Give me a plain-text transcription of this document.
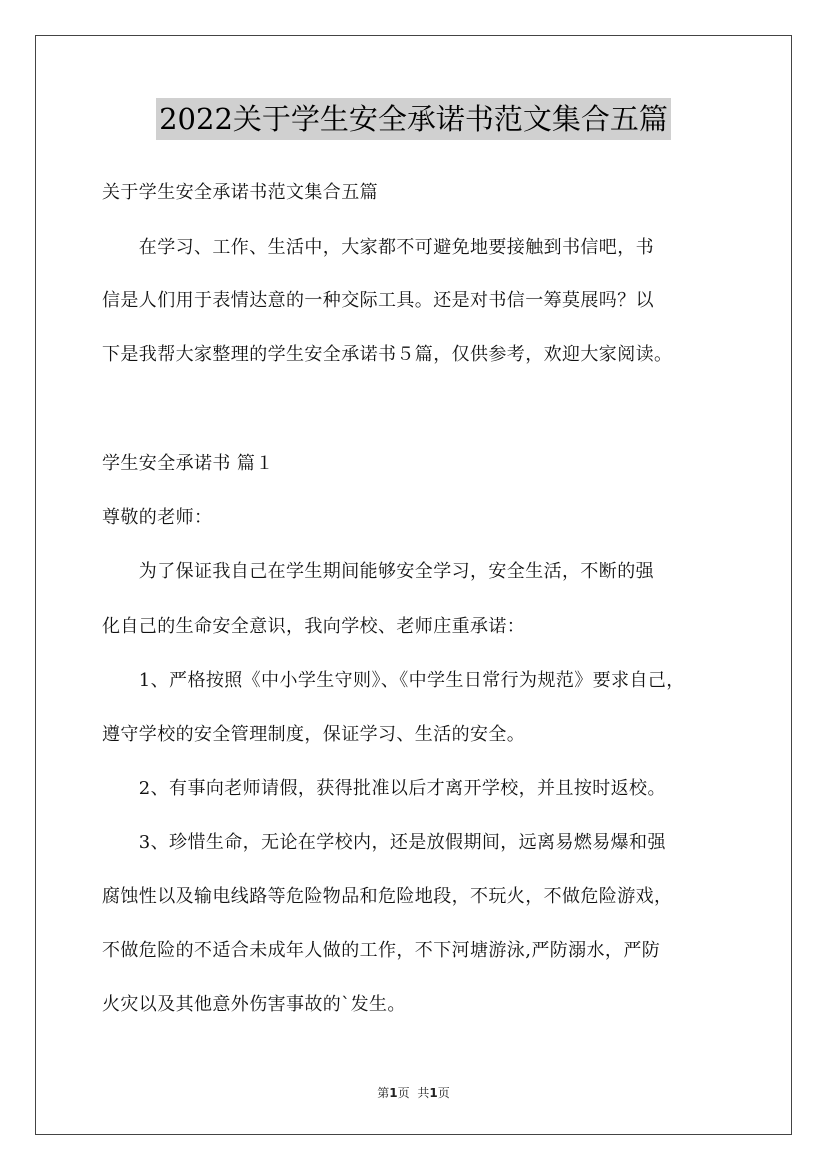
2022关于学生安全承诺书范文集合五篇
关于学生安全承诺书范文集合五篇
　　在学习、工作、生活中，大家都不可避免地要接触到书信吧，书
信是人们用于表情达意的一种交际工具。还是对书信一筹莫展吗？以
下是我帮大家整理的学生安全承诺书５篇，仅供参考，欢迎大家阅读。
学生安全承诺书 篇１
尊敬的老师：
　　为了保证我自己在学生期间能够安全学习，安全生活，不断的强
化自己的生命安全意识，我向学校、老师庄重承诺：
　　1、严格按照《中小学生守则》、《中学生日常行为规范》要求自己，
遵守学校的安全管理制度，保证学习、生活的安全。
　　2、有事向老师请假，获得批准以后才离开学校，并且按时返校。
　　3、珍惜生命，无论在学校内，还是放假期间，远离易燃易爆和强
腐蚀性以及输电线路等危险物品和危险地段，不玩火，不做危险游戏，
不做危险的不适合未成年人做的工作，不下河塘游泳,严防溺水，严防
火灾以及其他意外伤害事故的`发生。
第1页 共1页
